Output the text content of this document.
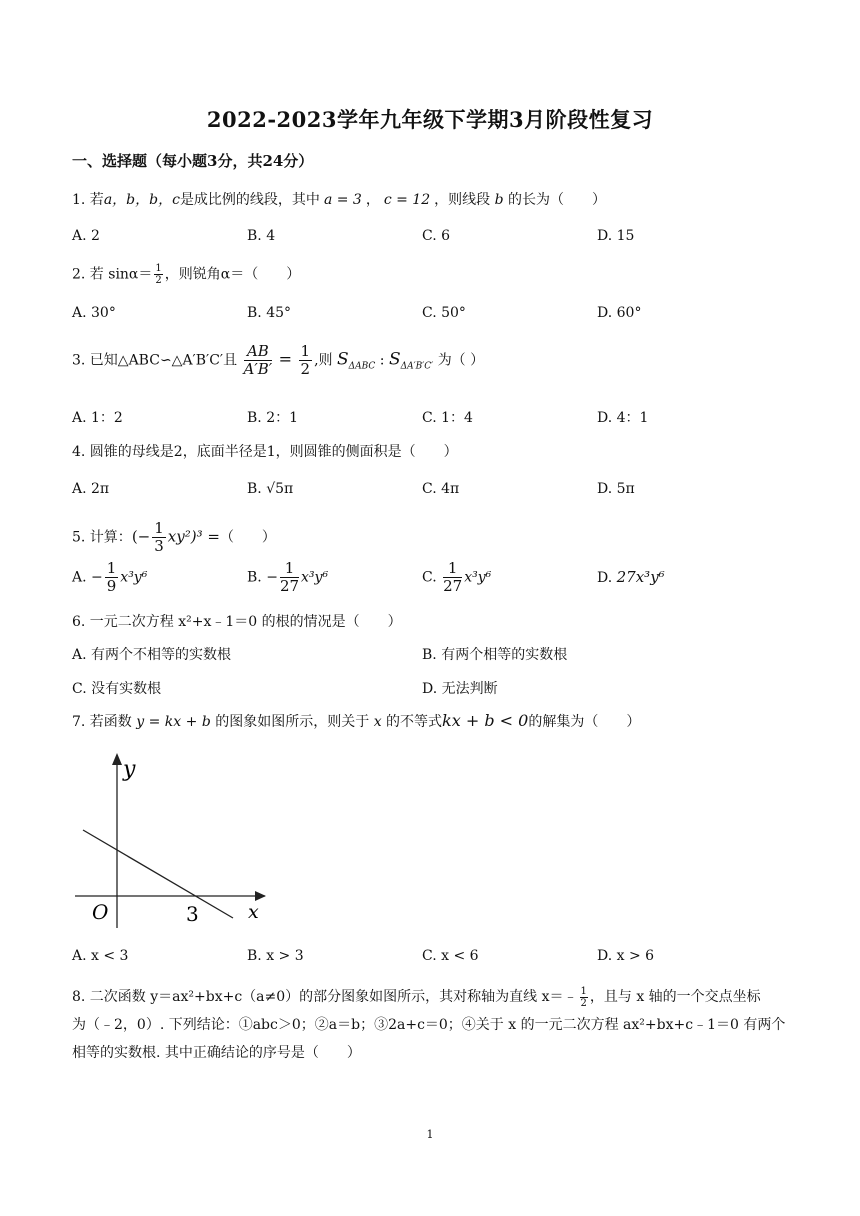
2022-2023学年九年级下学期3月阶段性复习
一、选择题（每小题3分，共24分）
1. 若a，b，b，c是成比例的线段，其中 a = 3 ， c = 12 ，则线段 b 的长为（　　）
A. 2	B. 4	C. 6	D. 15
2. 若 $\sin\alpha= \frac{1}{2}$ ，则锐角α＝（　　）
A. 30°	B. 45°	C. 50°	D. 60°
3. 已知△ABC∽△A′B′C′且 $\frac{AB}{A'B'} = \frac{1}{2}$ ,则 $S_{\Delta ABC}$ : $S_{\Delta A'B'C'}$ 为（ ）
A. 1：2	B. 2：1	C. 1：4	D. 4：1
4. 圆锥的母线是2，底面半径是1，则圆锥的侧面积是（　　）
A. 2π	B. √5π	C. 4π	D. 5π
5. 计算：(− $\frac{1}{3} xy^2)^3$ =（　　）
A. − $\frac{1}{9} x^3y^6$	B. − $\frac{1}{27} x^3y^6$	C. $\frac{1}{27} x^3y^6$	D. 27x³y⁶
6. 一元二次方程 x²+x﹣1＝0 的根的情况是（　　）
A. 有两个不相等的实数根	B. 有两个相等的实数根
C. 没有实数根	D. 无法判断
7. 若函数 y = kx + b 的图象如图所示，则关于 x 的不等式kx + b < 0的解集为（　　）
y
x
O	3
A. x < 3	B. x > 3	C. x < 6	D. x > 6
8. 二次函数 y＝ax²+bx+c（a≠0）的部分图象如图所示，其对称轴为直线 x＝﹣ $\frac{1}{2}$ ，且与 x 轴的一个交点坐标
为（﹣2，0）. 下列结论：①abc＞0；②a＝b；③2a+c＝0；④关于 x 的一元二次方程 ax²+bx+c﹣1＝0 有两个
相等的实数根. 其中正确结论的序号是（　　）
1
